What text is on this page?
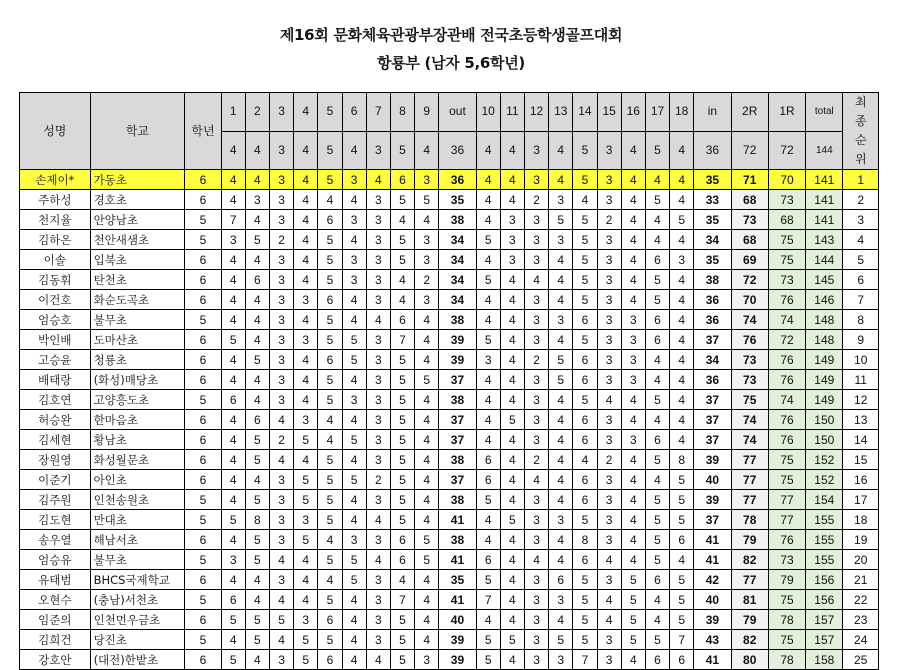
제16회 문화체육관광부장관배 전국초등학생골프대회
항룡부 (남자 5,6학년)
성명	학교	학년	1	2	3	4	5	6	7	8	9	out	10	11	12	13	14	15	16	17	18	in	2R	1R	total	최종순위
			4	4	3	4	5	4	3	5	4	36	4	4	3	4	5	3	4	5	4	36	72	72	144	
손제이*	가동초	6	4	4	3	4	5	3	4	6	3	36	4	4	3	4	5	3	4	4	4	35	71	70	141	1
주하성	경호초	6	4	3	3	4	4	4	3	5	5	35	4	4	2	3	4	3	4	5	4	33	68	73	141	2
천지율	안양남초	5	7	4	3	4	6	3	3	4	4	38	4	3	3	5	5	2	4	4	5	35	73	68	141	3
김하온	천안새샘초	5	3	5	2	4	5	4	3	5	3	34	5	3	3	3	5	3	4	4	4	34	68	75	143	4
이솔	입북초	6	4	4	3	4	5	3	3	5	3	34	4	3	3	4	5	3	4	6	3	35	69	75	144	5
김동휘	탄천초	6	4	6	3	4	5	3	3	4	2	34	5	4	4	4	5	3	4	5	4	38	72	73	145	6
이건호	화순도곡초	6	4	4	3	3	6	4	3	4	3	34	4	4	3	4	5	3	4	5	4	36	70	76	146	7
엄승호	불무초	5	4	4	3	4	5	4	4	6	4	38	4	4	3	3	6	3	3	6	4	36	74	74	148	8
박인배	도마산초	6	5	4	3	3	5	5	3	7	4	39	5	4	3	4	5	3	3	6	4	37	76	72	148	9
고승윤	청룡초	6	4	5	3	4	6	5	3	5	4	39	3	4	2	5	6	3	3	4	4	34	73	76	149	10
배태랑	(화성)매당초	6	4	4	3	4	5	4	3	5	5	37	4	4	3	5	6	3	3	4	4	36	73	76	149	11
김호연	고양흥도초	5	6	4	3	4	5	3	3	5	4	38	4	4	3	4	5	4	4	5	4	37	75	74	149	12
허승완	한마음초	6	4	6	4	3	4	4	3	5	4	37	4	5	3	4	6	3	4	4	4	37	74	76	150	13
김세현	황남초	6	4	5	2	5	4	5	3	5	4	37	4	4	3	4	6	3	3	6	4	37	74	76	150	14
장원영	화성월문초	6	4	5	4	4	5	4	3	5	4	38	6	4	2	4	4	2	4	5	8	39	77	75	152	15
이준기	아인초	6	4	4	3	5	5	5	2	5	4	37	6	4	4	4	6	3	4	4	5	40	77	75	152	16
김주원	인천송원초	5	4	5	3	5	5	4	3	5	4	38	5	4	3	4	6	3	4	5	5	39	77	77	154	17
김도현	만대초	5	5	8	3	3	5	4	4	5	4	41	4	5	3	3	5	3	4	5	5	37	78	77	155	18
송우열	해남서초	6	4	5	3	5	4	3	3	6	5	38	4	4	3	4	8	3	4	5	6	41	79	76	155	19
엄승유	불무초	5	3	5	4	4	5	5	4	6	5	41	6	4	4	4	6	4	4	5	4	41	82	73	155	20
유태범	BHCS국제학교	6	4	4	3	4	4	5	3	4	4	35	5	4	3	6	5	3	5	6	5	42	77	79	156	21
오현수	(충남)서천초	5	6	4	4	4	5	4	3	7	4	41	7	4	3	3	5	4	5	4	5	40	81	75	156	22
임준의	인천먼우금초	6	5	5	5	3	6	4	3	5	4	40	4	4	3	4	5	4	5	4	5	39	79	78	157	23
김희건	당진초	5	4	5	4	5	5	4	3	5	4	39	5	5	3	5	5	3	5	5	7	43	82	75	157	24
강호안	(대전)한밭초	6	5	4	3	5	6	4	4	5	3	39	5	4	3	3	7	3	4	6	6	41	80	78	158	25
